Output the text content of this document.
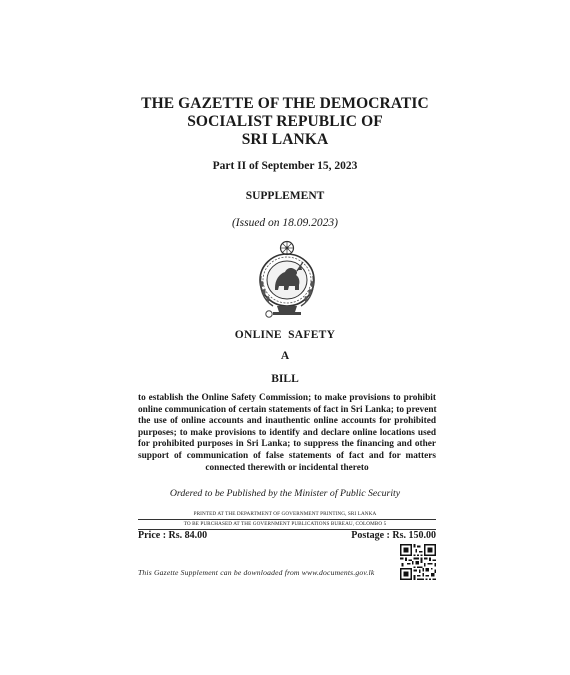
THE GAZETTE OF THE DEMOCRATIC
SOCIALIST REPUBLIC OF
SRI LANKA
Part II of September 15, 2023
SUPPLEMENT
(Issued on 18.09.2023)
ONLINE SAFETY
A
BILL
to establish the Online Safety Commission; to make provisions to prohibit
online communication of certain statements of fact in Sri Lanka; to prevent
the use of online accounts and inauthentic online accounts for prohibited
purposes; to make provisions to identify and declare online locations used
for prohibited purposes in Sri Lanka; to suppress the financing and other
support of communication of false statements of fact and for matters
connected therewith or incidental thereto
Ordered to be Published by the Minister of Public Security
PRINTED AT THE DEPARTMENT OF GOVERNMENT PRINTING, SRI LANKA
TO BE PURCHASED AT THE GOVERNMENT PUBLICATIONS BUREAU, COLOMBO 5
Price : Rs. 84.00	Postage : Rs. 150.00
This Gazette Supplement can be downloaded from www.documents.gov.lk
